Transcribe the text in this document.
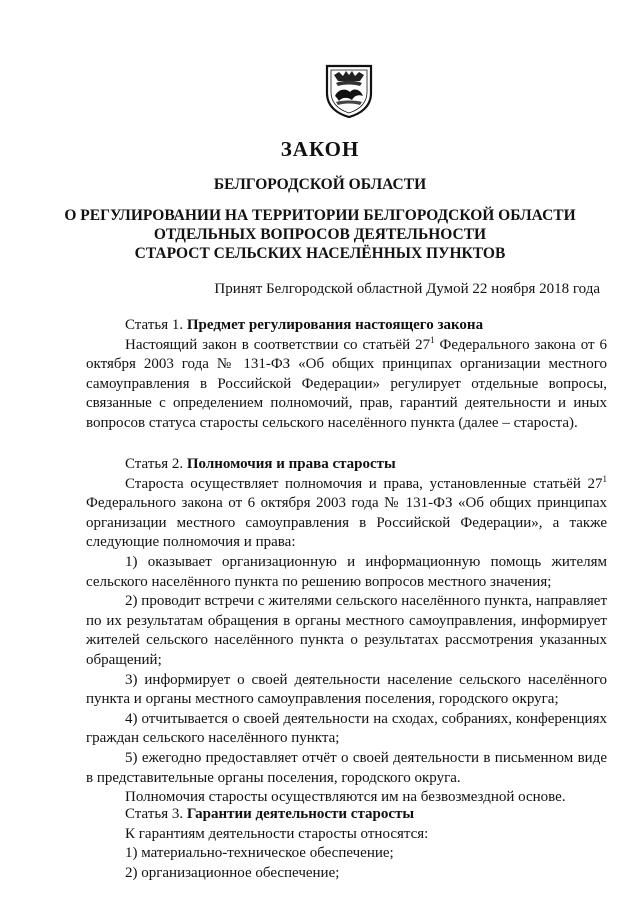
ЗАКОН
БЕЛГОРОДСКОЙ ОБЛАСТИ
О РЕГУЛИРОВАНИИ НА ТЕРРИТОРИИ БЕЛГОРОДСКОЙ ОБЛАСТИ
ОТДЕЛЬНЫХ ВОПРОСОВ ДЕЯТЕЛЬНОСТИ
СТАРОСТ СЕЛЬСКИХ НАСЕЛЁННЫХ ПУНКТОВ
Принят Белгородской областной Думой 22 ноября 2018 года
Статья 1. Предмет регулирования настоящего закона

Настоящий закон в соответствии со статьёй $27^1$ Федерального закона от 6 октября 2003 года № 131-ФЗ «Об общих принципах организации местного самоуправления в Российской Федерации» регулирует отдельные вопросы, связанные с определением полномочий, прав, гарантий деятельности и иных вопросов статуса старосты сельского населённого пункта (далее – староста).

Статья 2. Полномочия и права старосты

Староста осуществляет полномочия и права, установленные статьёй $27^1$ Федерального закона от 6 октября 2003 года № 131-ФЗ «Об общих принципах организации местного самоуправления в Российской Федерации», а также следующие полномочия и права:

1) оказывает организационную и информационную помощь жителям сельского населённого пункта по решению вопросов местного значения;

2) проводит встречи с жителями сельского населённого пункта, направляет по их результатам обращения в органы местного самоуправления, информирует жителей сельского населённого пункта о результатах рассмотрения указанных обращений;

3) информирует о своей деятельности население сельского населённого пункта и органы местного самоуправления поселения, городского округа;

4) отчитывается о своей деятельности на сходах, собраниях, конференциях граждан сельского населённого пункта;

5) ежегодно предоставляет отчёт о своей деятельности в письменном виде в представительные органы поселения, городского округа.

Полномочия старосты осуществляются им на безвозмездной основе.

Статья 3. Гарантии деятельности старосты

К гарантиям деятельности старосты относятся:

1) материально-техническое обеспечение;

2) организационное обеспечение;
